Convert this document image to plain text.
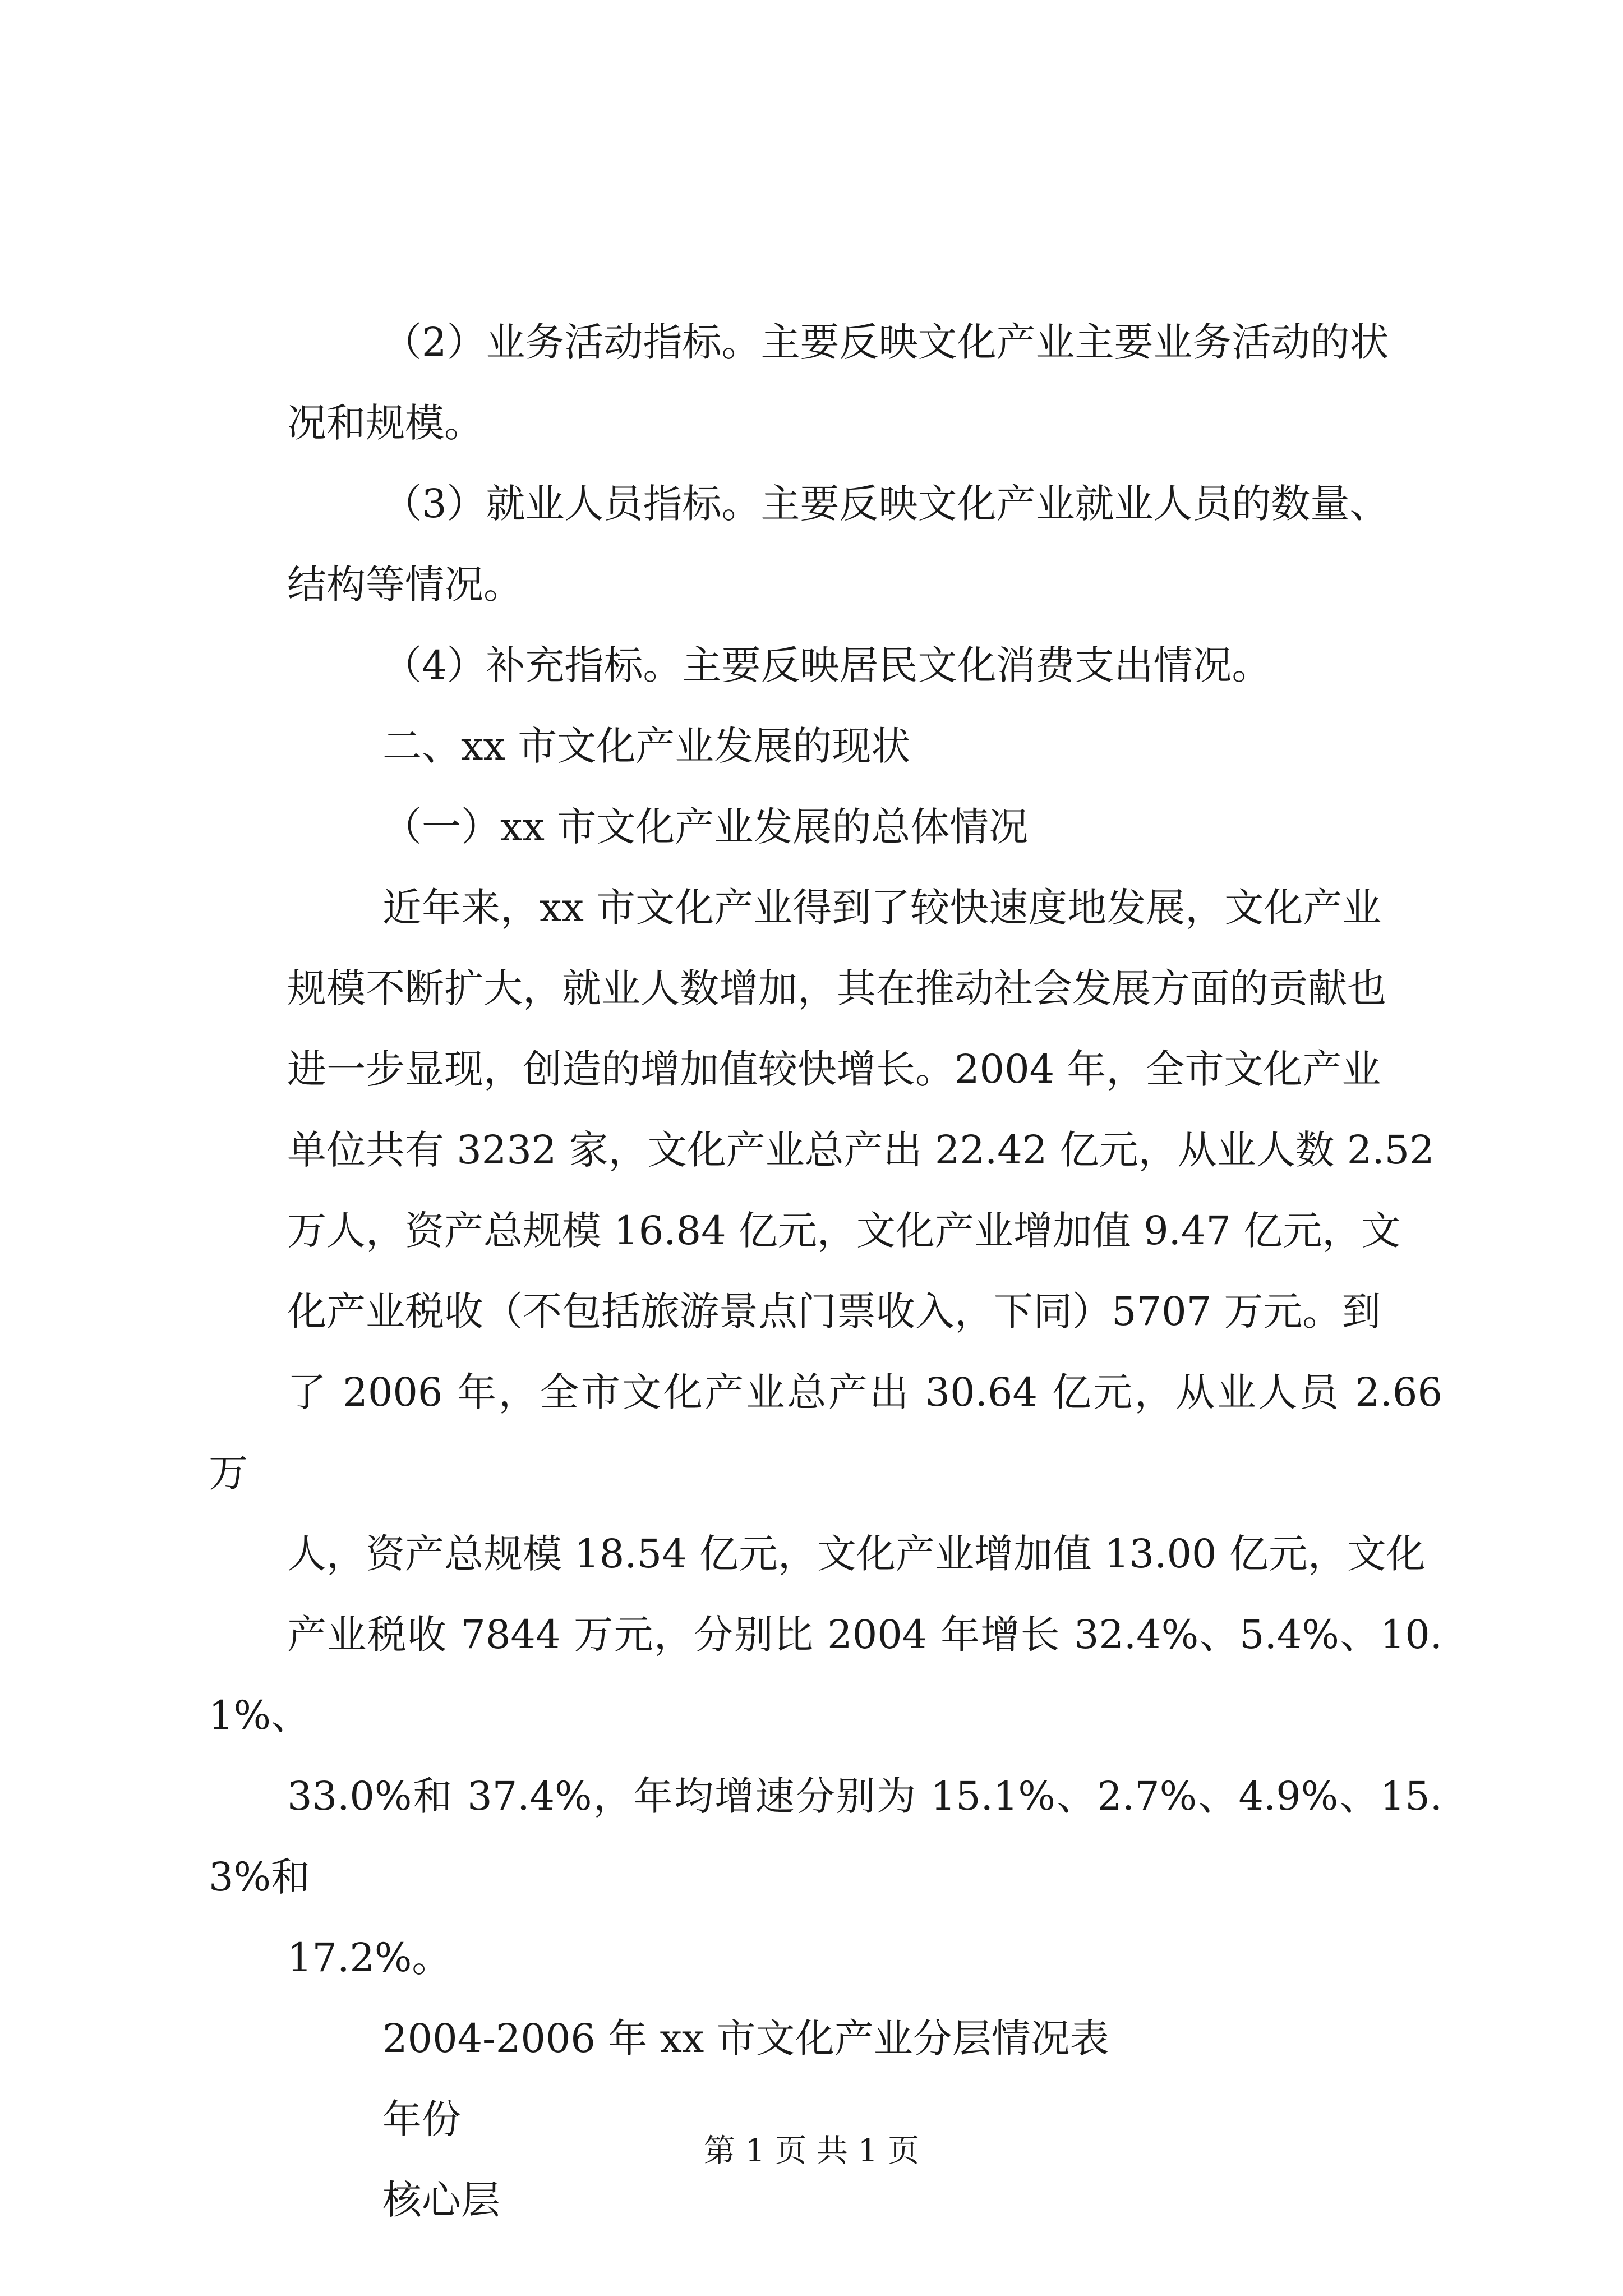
（2）业务活动指标。主要反映文化产业主要业务活动的状
况和规模。

（3）就业人员指标。主要反映文化产业就业人员的数量、
结构等情况。

（4）补充指标。主要反映居民文化消费支出情况。

二、xx 市文化产业发展的现状

（一）xx 市文化产业发展的总体情况

近年来，xx 市文化产业得到了较快速度地发展，文化产业
规模不断扩大，就业人数增加，其在推动社会发展方面的贡献也
进一步显现，创造的增加值较快增长。2004 年，全市文化产业
单位共有 3232 家，文化产业总产出 22.42 亿元，从业人数 2.52
万人，资产总规模 16.84 亿元，文化产业增加值 9.47 亿元，文
化产业税收（不包括旅游景点门票收入，下同）5707 万元。到
了 2006 年，全市文化产业总产出 30.64 亿元，从业人员 2.66 万
人，资产总规模 18.54 亿元，文化产业增加值 13.00 亿元，文化
产业税收 7844 万元，分别比 2004 年增长 32.4%、5.4%、10.1%、
33.0%和 37.4%，年均增速分别为 15.1%、2.7%、4.9%、15.3%和
17.2%。

2004-2006 年 xx 市文化产业分层情况表

年份

核心层

第 1 页 共 1 页
